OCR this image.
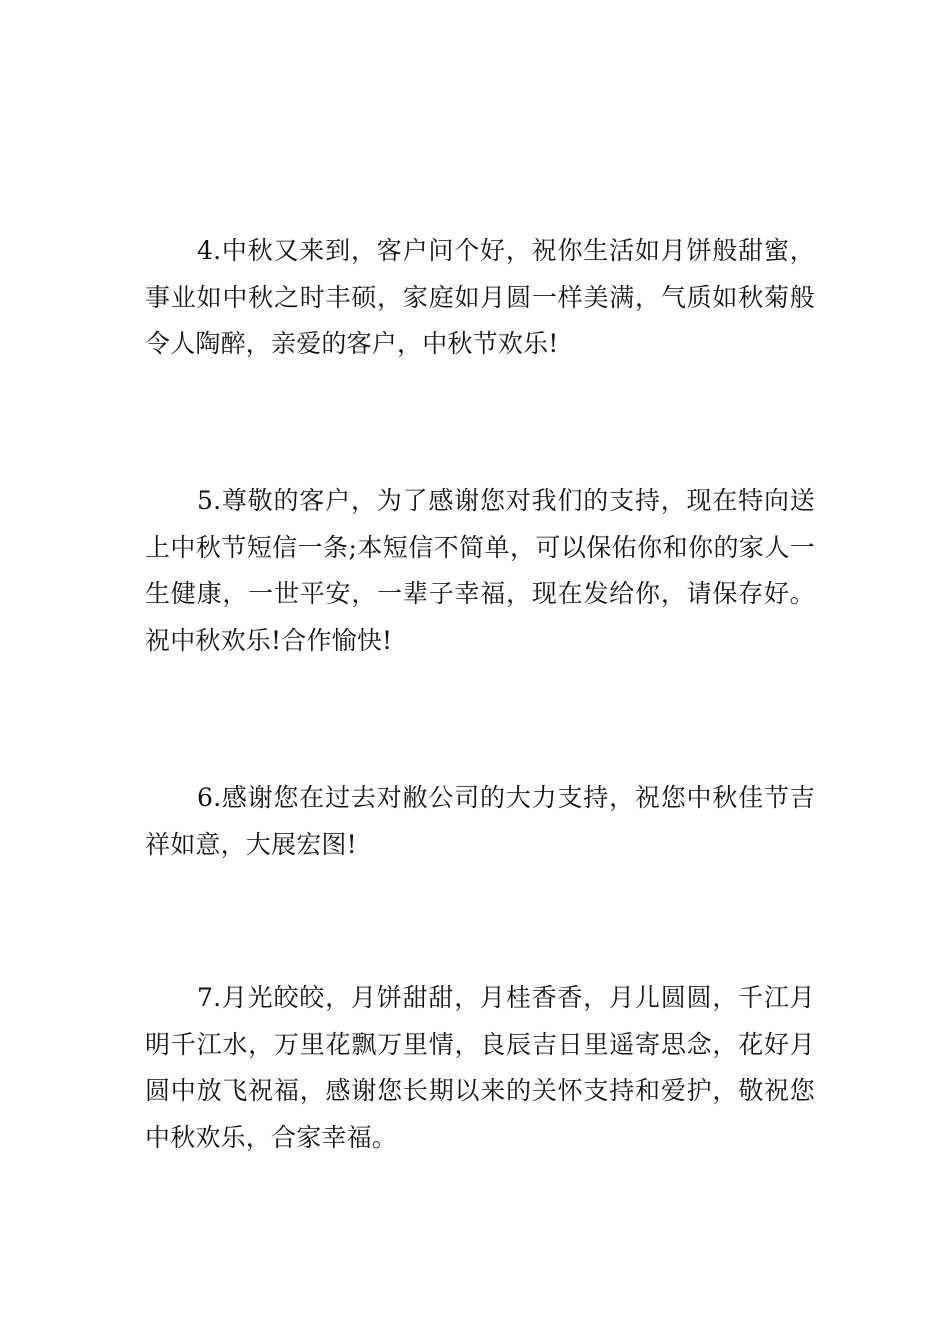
4.中秋又来到，客户问个好，祝你生活如月饼般甜蜜，事业如中秋之时丰硕，家庭如月圆一样美满，气质如秋菊般令人陶醉，亲爱的客户，中秋节欢乐!

5.尊敬的客户，为了感谢您对我们的支持，现在特向送上中秋节短信一条;本短信不简单，可以保佑你和你的家人一生健康，一世平安，一辈子幸福，现在发给你，请保存好。祝中秋欢乐!合作愉快!

6.感谢您在过去对敝公司的大力支持，祝您中秋佳节吉祥如意，大展宏图!

7.月光皎皎，月饼甜甜，月桂香香，月儿圆圆，千江月明千江水，万里花飘万里情，良辰吉日里遥寄思念，花好月圆中放飞祝福，感谢您长期以来的关怀支持和爱护，敬祝您中秋欢乐，合家幸福。
